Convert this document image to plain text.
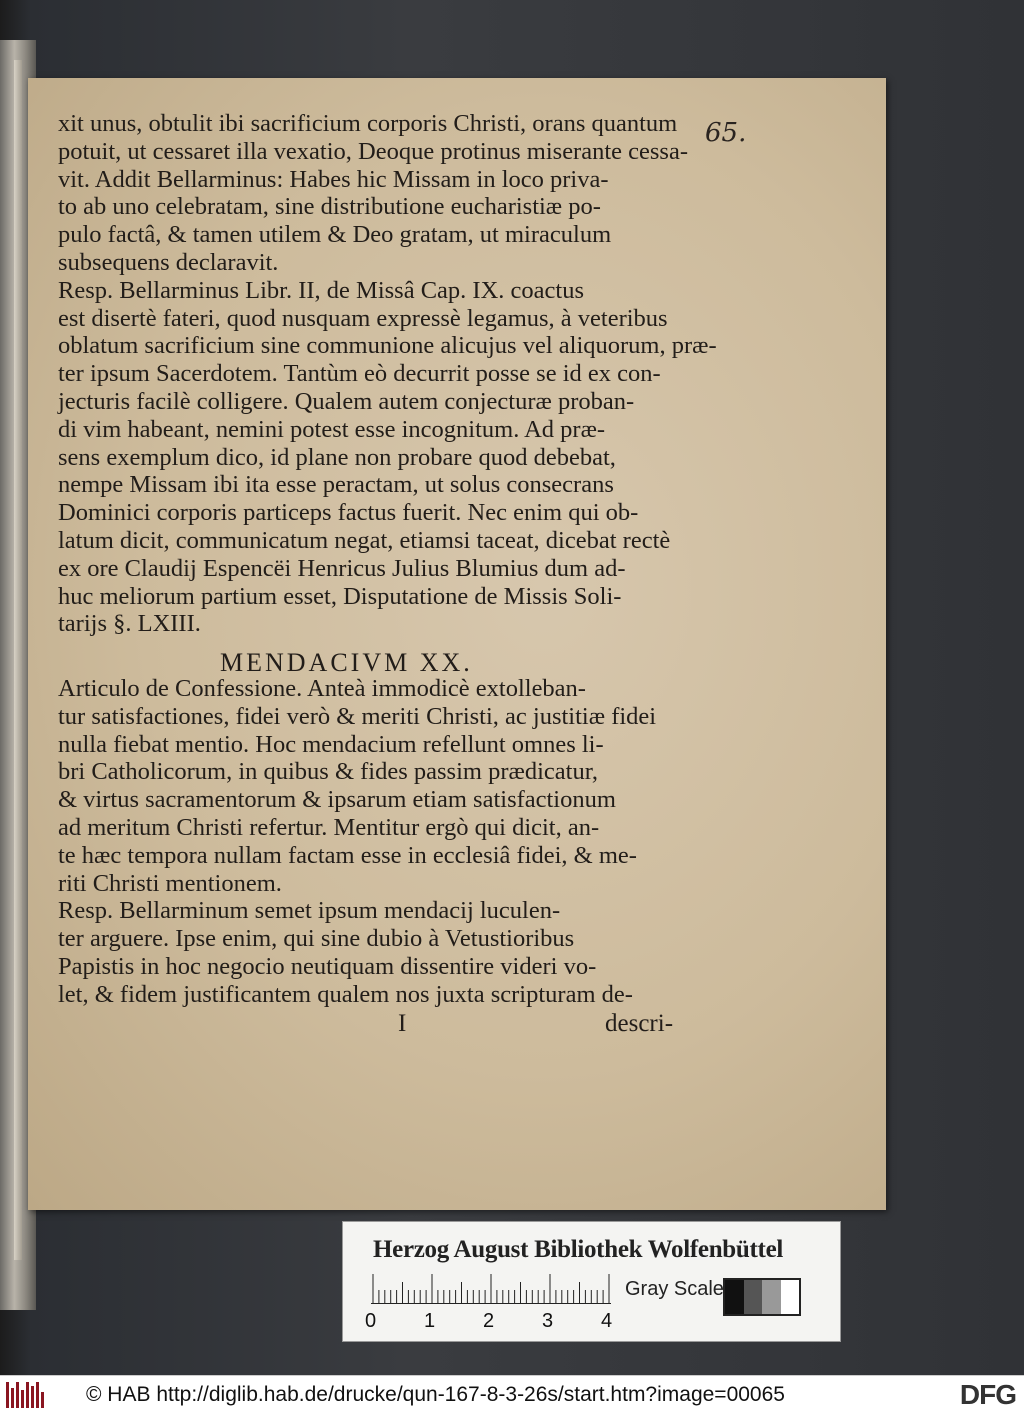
65.
xit unus, obtulit ibi sacrificium corporis Christi, orans quantum
potuit, ut cessaret illa vexatio, Deoque protinus miserante cessa-
vit. Addit Bellarminus: Habes hic Missam in loco priva-
to ab uno celebratam, sine distributione eucharistiæ po-
pulo factâ, & tamen utilem & Deo gratam, ut miraculum
subsequens declaravit.
Resp. Bellarminus Libr. II, de Missâ Cap. IX. coactus
est disertè fateri, quod nusquam expressè legamus, à veteribus
oblatum sacrificium sine communione alicujus vel aliquorum, præ-
ter ipsum Sacerdotem. Tantùm eò decurrit posse se id ex con-
jecturis facilè colligere. Qualem autem conjecturæ proban-
di vim habeant, nemini potest esse incognitum. Ad præ-
sens exemplum dico, id plane non probare quod debebat,
nempe Missam ibi ita esse peractam, ut solus consecrans
Dominici corporis particeps factus fuerit. Nec enim qui ob-
latum dicit, communicatum negat, etiamsi taceat, dicebat rectè
ex ore Claudij Espencëi Henricus Julius Blumius dum ad-
huc meliorum partium esset, Disputatione de Missis Soli-
tarijs §. LXIII.
MENDACIVM XX.
Articulo de Confessione. Anteà immodicè extolleban-
tur satisfactiones, fidei verò & meriti Christi, ac justitiæ fidei
nulla fiebat mentio. Hoc mendacium refellunt omnes li-
bri Catholicorum, in quibus & fides passim prædicatur,
& virtus sacramentorum & ipsarum etiam satisfactionum
ad meritum Christi refertur. Mentitur ergò qui dicit, an-
te hæc tempora nullam factam esse in ecclesiâ fidei, & me-
riti Christi mentionem.
Resp. Bellarminum semet ipsum mendacij luculen-
ter arguere. Ipse enim, qui sine dubio à Vetustioribus
Papistis in hoc negocio neutiquam dissentire videri vo-
let, & fidem justificantem qualem nos juxta scripturam de-
I	descri-
Herzog August Bibliothek Wolfenbüttel
0 1 2 3 4
Gray Scale
© HAB http://diglib.hab.de/drucke/qun-167-8-3-26s/start.htm?image=00065	DFG
